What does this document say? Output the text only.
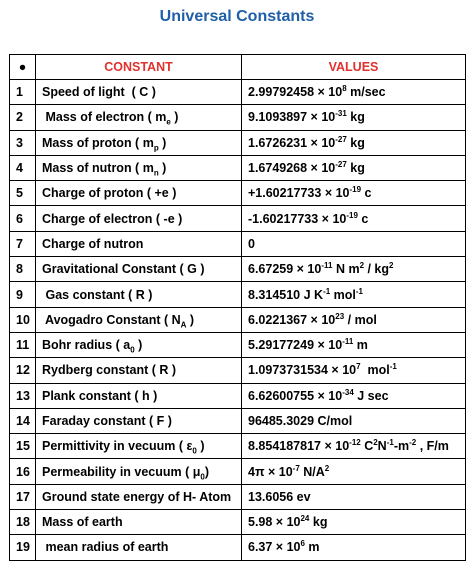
Universal Constants
●	CONSTANT	VALUES
1	Speed of light  ( C )	$2.99792458 \times 10^8$ m/sec
2	Mass of electron ( $m_e$ )	$9.1093897 \times 10^{-31}$ kg
3	Mass of proton ( $m_p$ )	$1.6726231 \times 10^{-27}$ kg
4	Mass of nutron ( $m_n$ )	$1.6749268 \times 10^{-27}$ kg
5	Charge of proton ( +e )	$+1.60217733 \times 10^{-19}$ c
6	Charge of electron ( -e )	$-1.60217733 \times 10^{-19}$ c
7	Charge of nutron	0
8	Gravitational Constant ( G )	$6.67259 \times 10^{-11}$ N $m^2 / kg^2$
9	Gas constant ( R )	8.314510 J $K^{-1}$ mol$^{-1}$
10	Avogadro Constant ( $N_A$ )	$6.0221367 \times 10^{23}$ / mol
11	Bohr radius ( $a_0$ )	$5.29177249 \times 10^{-11}$ m
12	Rydberg constant ( R )	$1.0973731534 \times 10^7$  mol$^{-1}$
13	Plank constant ( h )	$6.62600755 \times 10^{-34}$ J sec
14	Faraday constant ( F )	96485.3029 C/mol
15	Permittivity in vecuum ( $\varepsilon_0$ )	$8.854187817 \times 10^{-12}$ $C^2N^{-1}-m^{-2}$ , F/m
16	Permeability in vecuum ( $\mu_0$)	$4\pi \times 10^{-7}$ $N/A^2$
17	Ground state energy of H- Atom	13.6056 ev
18	Mass of earth	$5.98 \times 10^{24}$ kg
19	mean radius of earth	$6.37 \times 10^6$ m
